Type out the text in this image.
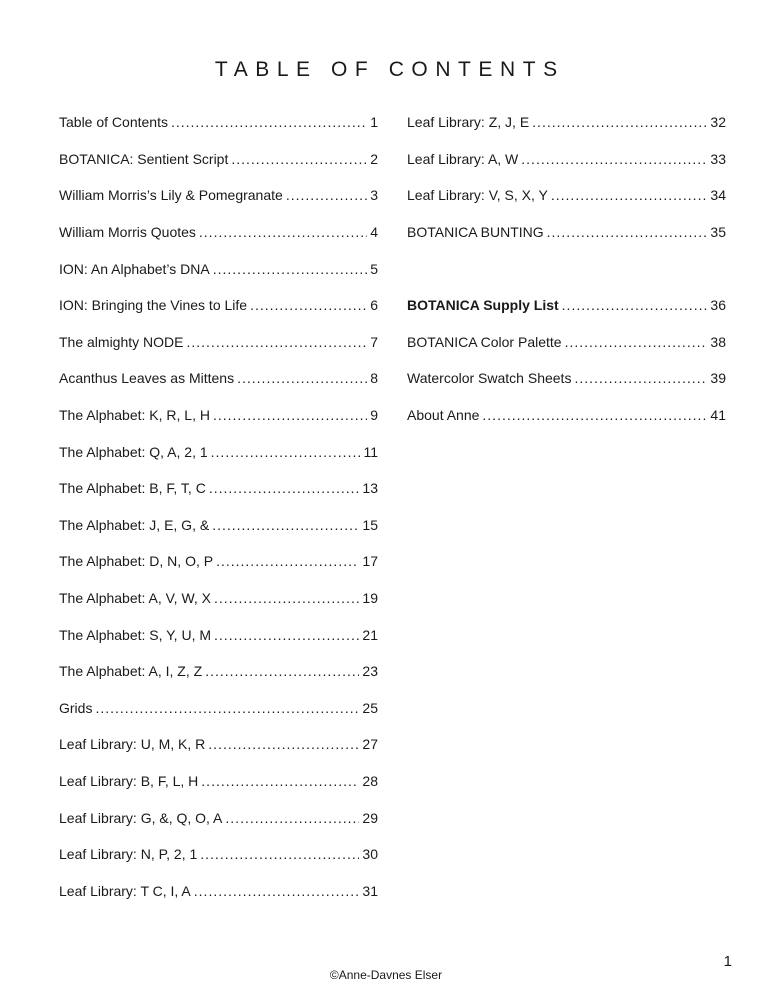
TABLE OF CONTENTS
Table of Contents .....	1
BOTANICA: Sentient Script .....	2
William Morris’s Lily & Pomegranate .....	3
William Morris Quotes .....	4
ION: An Alphabet’s DNA .....	5
ION: Bringing the Vines to Life .....	6
The almighty NODE .....	7
Acanthus Leaves as Mittens .....	8
The Alphabet: K, R, L, H .....	9
The Alphabet: Q, A, 2, 1 .....	11
The Alphabet: B, F, T, C .....	13
The Alphabet: J, E, G, & .....	15
The Alphabet: D, N, O, P .....	17
The Alphabet: A, V, W, X .....	19
The Alphabet: S, Y, U, M .....	21
The Alphabet: A, I, Z, Z .....	23
Grids .....	25
Leaf Library: U, M, K, R .....	27
Leaf Library: B, F, L, H .....	28
Leaf Library: G, &, Q, O, A .....	29
Leaf Library: N, P, 2, 1 .....	30
Leaf Library: T C, I, A .....	31
Leaf Library: Z, J, E .....	32
Leaf Library: A, W .....	33
Leaf Library: V, S, X, Y .....	34
BOTANICA BUNTING .....	35
BOTANICA Supply List .....	36
BOTANICA Color Palette .....	38
Watercolor Swatch Sheets .....	39
About Anne .....	41
1
©Anne-Davnes Elser
